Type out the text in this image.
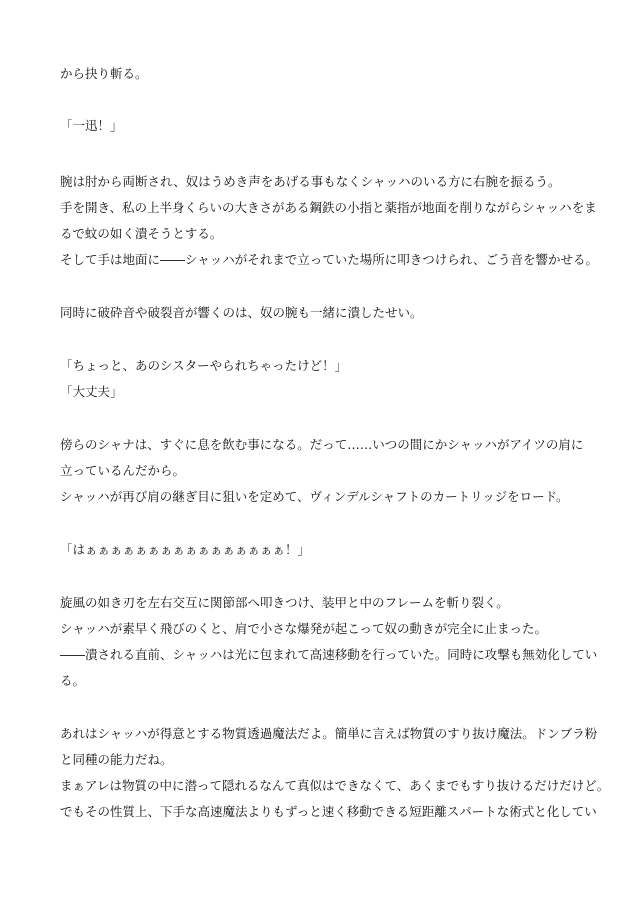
から抉り斬る。
「一迅！」
腕は肘から両断され、奴はうめき声をあげる事もなくシャッハのいる方に右腕を振るう。
手を開き、私の上半身くらいの大きさがある鋼鉄の小指と薬指が地面を削りながらシャッハをま
るで蚊の如く潰そうとする。
そして手は地面に――シャッハがそれまで立っていた場所に叩きつけられ、ごう音を響かせる。
同時に破砕音や破裂音が響くのは、奴の腕も一緒に潰したせい。
「ちょっと、あのシスターやられちゃったけど！」
「大丈夫」
傍らのシャナは、すぐに息を飲む事になる。だって……いつの間にかシャッハがアイツの肩に
立っているんだから。
シャッハが再び肩の継ぎ目に狙いを定めて、ヴィンデルシャフトのカートリッジをロード。
「はぁぁぁぁぁぁぁぁぁぁぁぁぁぁぁぁ！」
旋風の如き刃を左右交互に関節部へ叩きつけ、装甲と中のフレームを斬り裂く。
シャッハが素早く飛びのくと、肩で小さな爆発が起こって奴の動きが完全に止まった。
――潰される直前、シャッハは光に包まれて高速移動を行っていた。同時に攻撃も無効化してい
る。
あれはシャッハが得意とする物質透過魔法だよ。簡単に言えば物質のすり抜け魔法。ドンブラ粉
と同種の能力だね。
まぁアレは物質の中に潜って隠れるなんて真似はできなくて、あくまでもすり抜けるだけだけど。
でもその性質上、下手な高速魔法よりもずっと速く移動できる短距離スパートな術式と化してい
